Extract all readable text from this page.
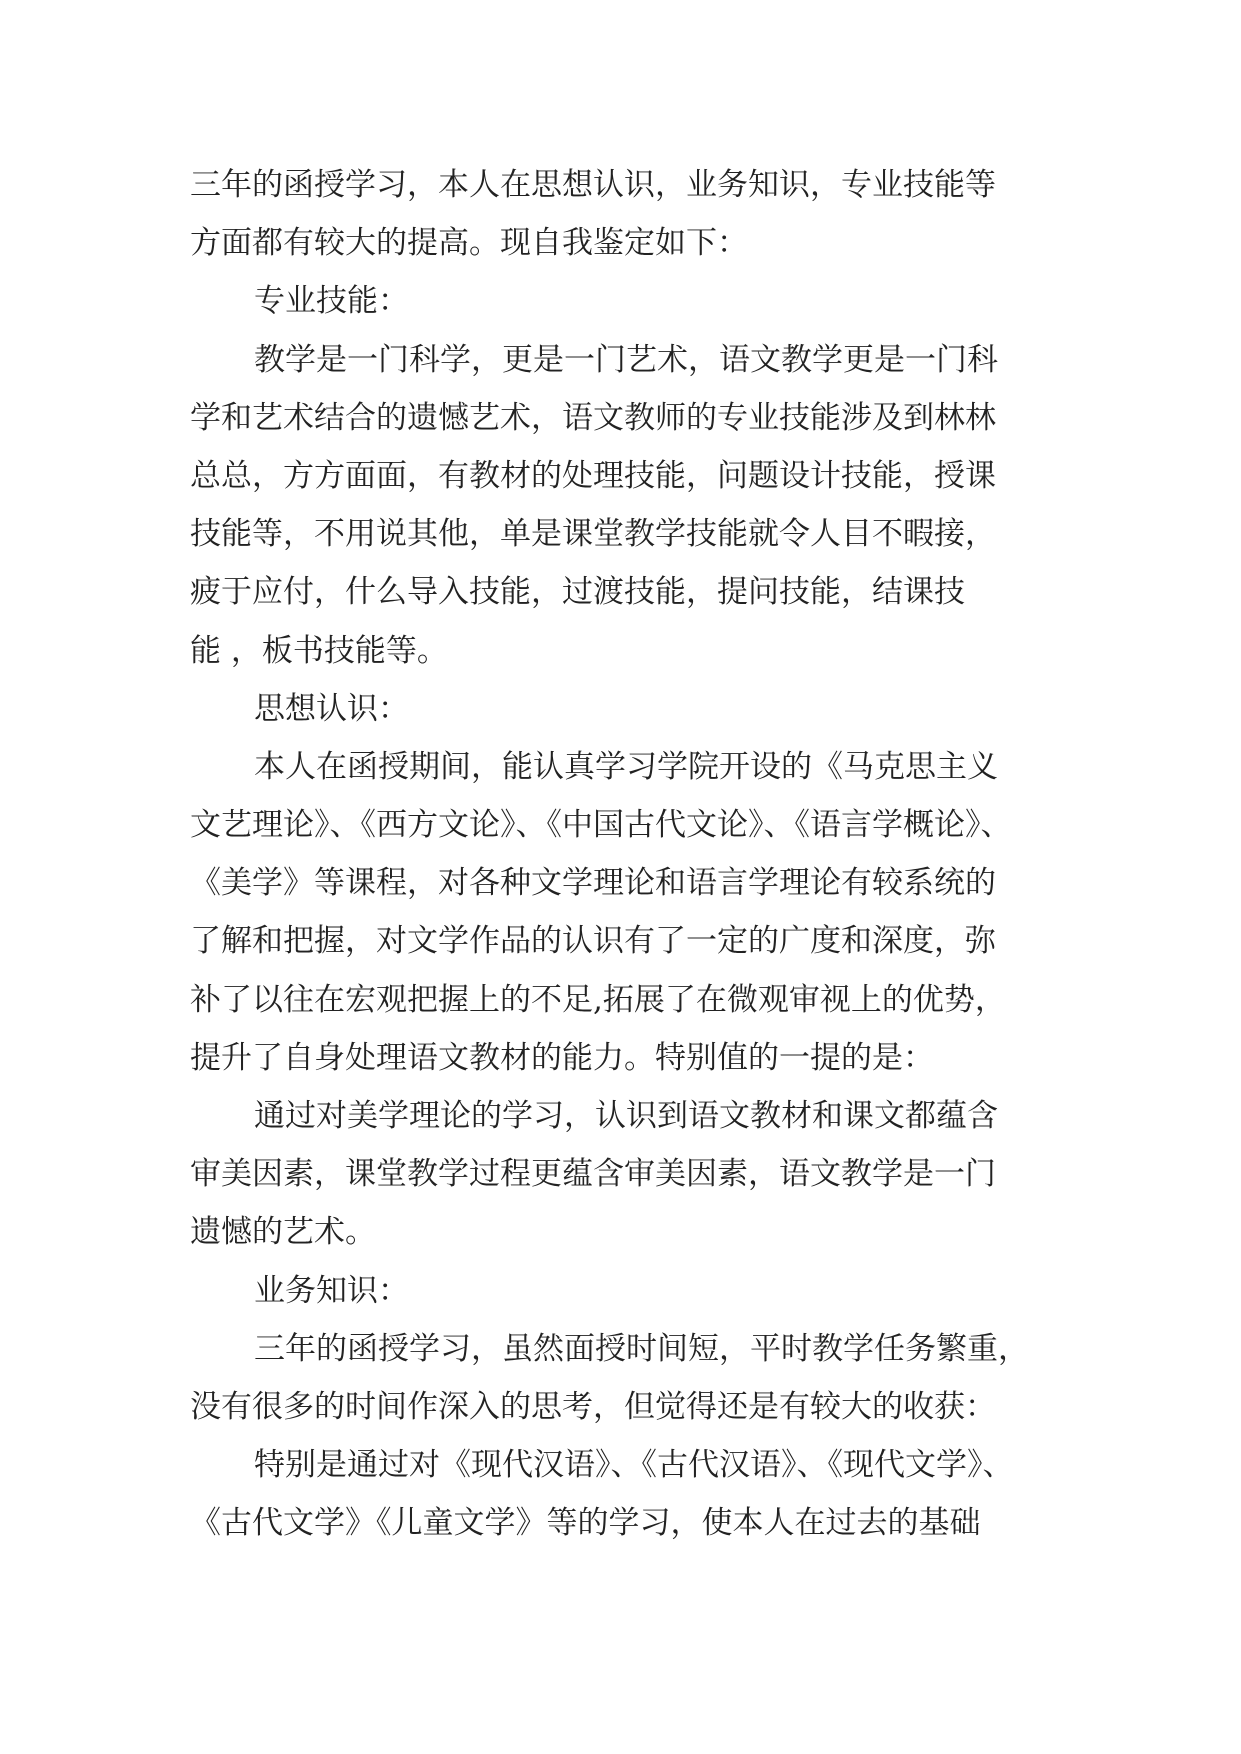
三年的函授学习，本人在思想认识，业务知识，专业技能等
方面都有较大的提高。现自我鉴定如下：
专业技能：
教学是一门科学，更是一门艺术，语文教学更是一门科
学和艺术结合的遗憾艺术，语文教师的专业技能涉及到林林
总总，方方面面，有教材的处理技能，问题设计技能，授课
技能等，不用说其他，单是课堂教学技能就令人目不暇接，
疲于应付，什么导入技能，过渡技能，提问技能，结课技
能 ，板书技能等。
思想认识：
本人在函授期间，能认真学习学院开设的《马克思主义
文艺理论》、《西方文论》、《中国古代文论》、《语言学概论》、
《美学》等课程，对各种文学理论和语言学理论有较系统的
了解和把握，对文学作品的认识有了一定的广度和深度，弥
补了以往在宏观把握上的不足,拓展了在微观审视上的优势，
提升了自身处理语文教材的能力。特别值的一提的是：
通过对美学理论的学习，认识到语文教材和课文都蕴含
审美因素，课堂教学过程更蕴含审美因素，语文教学是一门
遗憾的艺术。
业务知识：
三年的函授学习，虽然面授时间短，平时教学任务繁重，
没有很多的时间作深入的思考，但觉得还是有较大的收获：
特别是通过对《现代汉语》、《古代汉语》、《现代文学》、
《古代文学》《儿童文学》等的学习，使本人在过去的基础
